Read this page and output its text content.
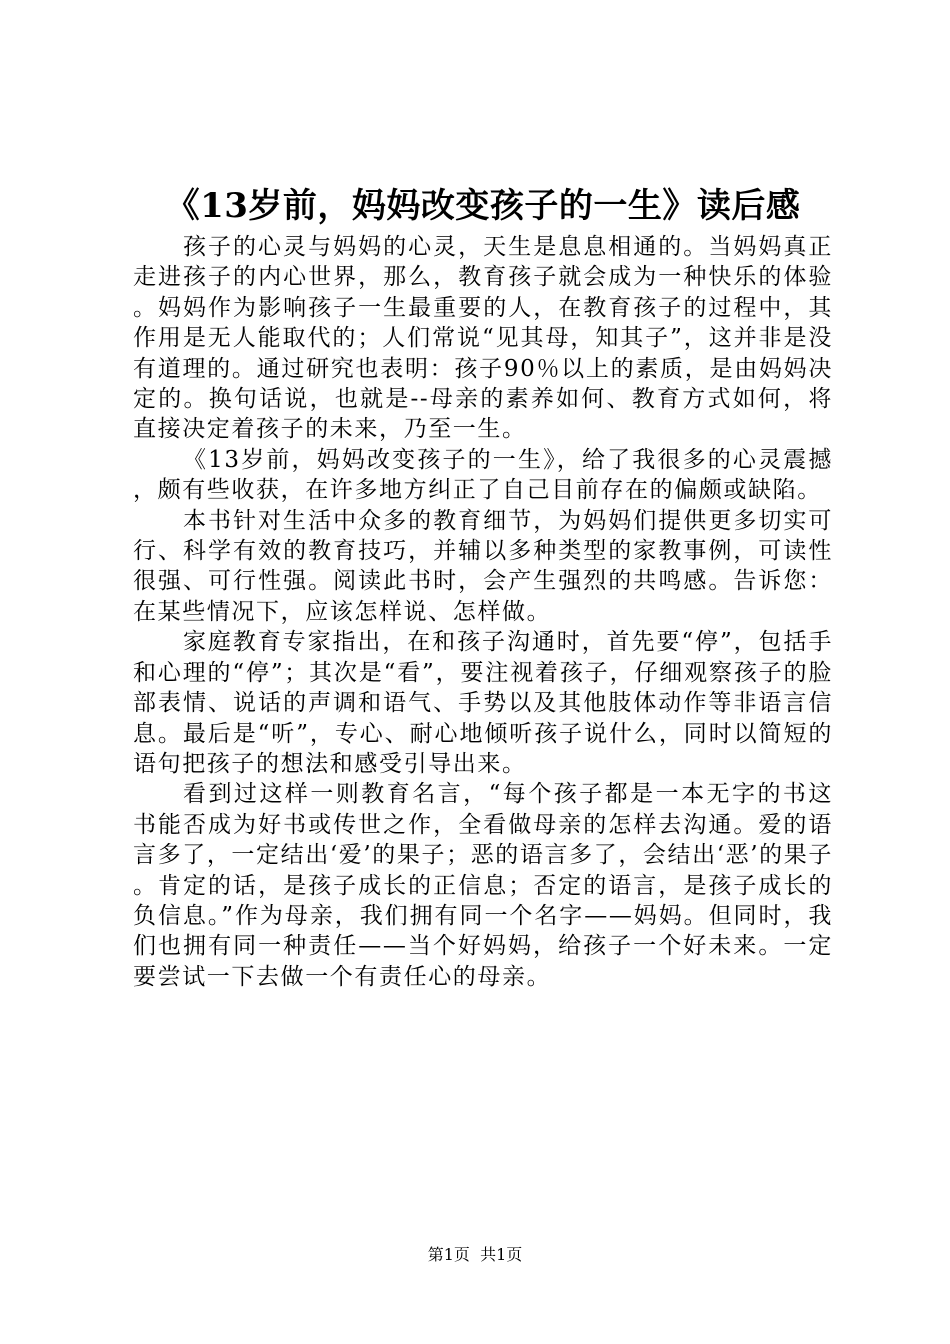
《13岁前，妈妈改变孩子的一生》读后感

孩子的心灵与妈妈的心灵，天生是息息相通的。当妈妈真正走进孩子的内心世界，那么，教育孩子就会成为一种快乐的体验。妈妈作为影响孩子一生最重要的人，在教育孩子的过程中，其作用是无人能取代的；人们常说“见其母，知其子”，这并非是没有道理的。通过研究也表明：孩子90％以上的素质，是由妈妈决定的。换句话说，也就是--母亲的素养如何、教育方式如何，将直接决定着孩子的未来，乃至一生。

《13岁前，妈妈改变孩子的一生》，给了我很多的心灵震撼，颇有些收获，在许多地方纠正了自己目前存在的偏颇或缺陷。

本书针对生活中众多的教育细节，为妈妈们提供更多切实可行、科学有效的教育技巧，并辅以多种类型的家教事例，可读性很强、可行性强。阅读此书时，会产生强烈的共鸣感。告诉您：在某些情况下，应该怎样说、怎样做。

家庭教育专家指出，在和孩子沟通时，首先要“停”，包括手和心理的“停”；其次是“看”，要注视着孩子，仔细观察孩子的脸部表情、说话的声调和语气、手势以及其他肢体动作等非语言信息。最后是“听”，专心、耐心地倾听孩子说什么，同时以简短的语句把孩子的想法和感受引导出来。

看到过这样一则教育名言，“每个孩子都是一本无字的书这书能否成为好书或传世之作，全看做母亲的怎样去沟通。爱的语言多了，一定结出‘爱’的果子；恶的语言多了，会结出‘恶’的果子。肯定的话，是孩子成长的正信息；否定的语言，是孩子成长的负信息。”作为母亲，我们拥有同一个名字——妈妈。但同时，我们也拥有同一种责任——当个好妈妈，给孩子一个好未来。一定要尝试一下去做一个有责任心的母亲。

第1页 共1页
